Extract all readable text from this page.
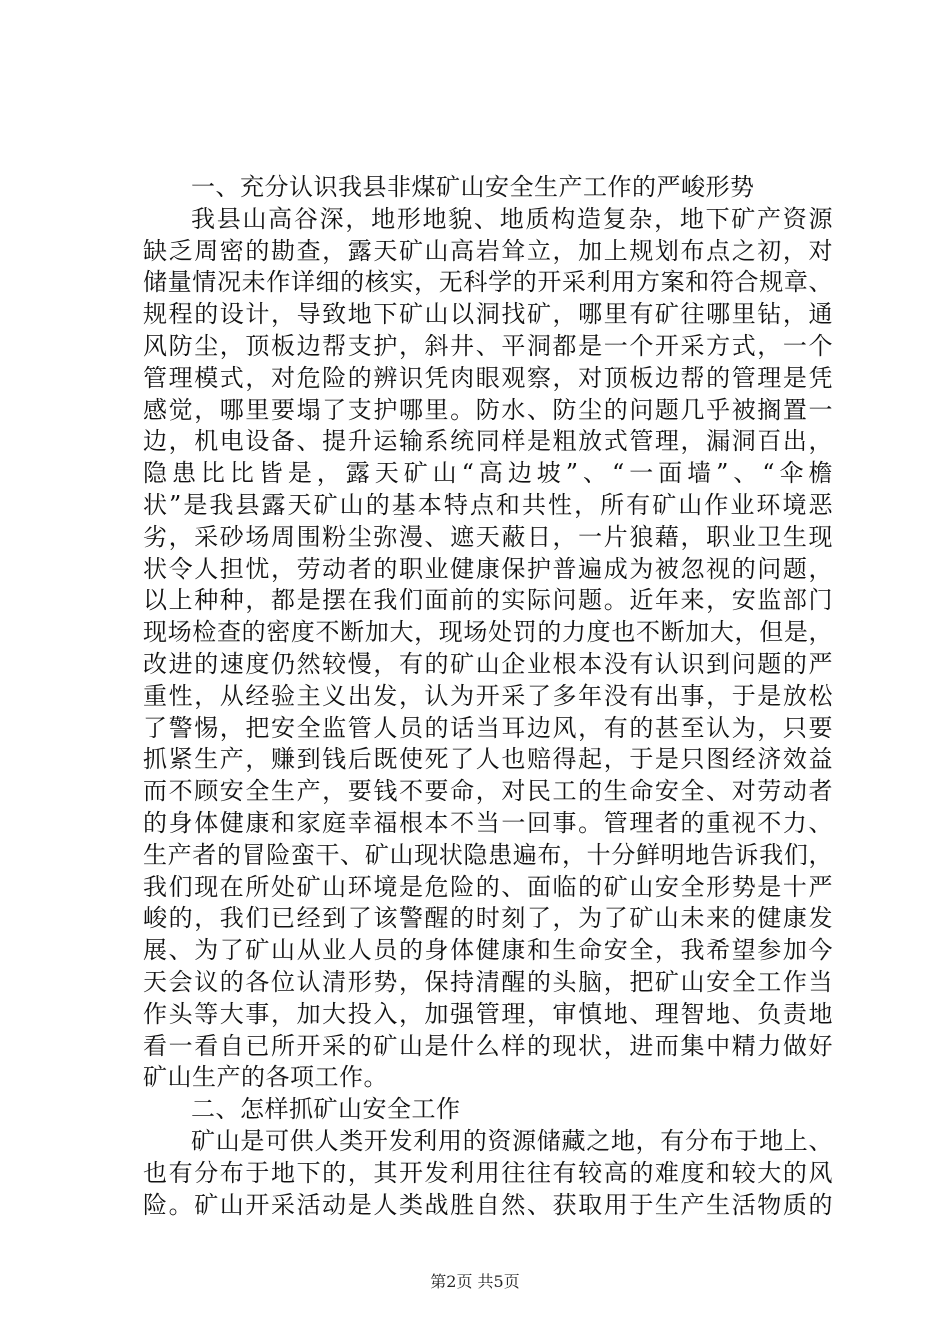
一、充分认识我县非煤矿山安全生产工作的严峻形势
我县山高谷深，地形地貌、地质构造复杂，地下矿产资源
缺乏周密的勘查，露天矿山高岩耸立，加上规划布点之初，对
储量情况未作详细的核实，无科学的开采利用方案和符合规章、
规程的设计，导致地下矿山以洞找矿，哪里有矿往哪里钻，通
风防尘，顶板边帮支护，斜井、平洞都是一个开采方式，一个
管理模式，对危险的辨识凭肉眼观察，对顶板边帮的管理是凭
感觉，哪里要塌了支护哪里。防水、防尘的问题几乎被搁置一
边，机电设备、提升运输系统同样是粗放式管理，漏洞百出，
隐患比比皆是，露天矿山“高边坡”、“一面墙”、“伞檐
状”是我县露天矿山的基本特点和共性，所有矿山作业环境恶
劣，采砂场周围粉尘弥漫、遮天蔽日，一片狼藉，职业卫生现
状令人担忧，劳动者的职业健康保护普遍成为被忽视的问题，
以上种种，都是摆在我们面前的实际问题。近年来，安监部门
现场检查的密度不断加大，现场处罚的力度也不断加大，但是，
改进的速度仍然较慢，有的矿山企业根本没有认识到问题的严
重性，从经验主义出发，认为开采了多年没有出事，于是放松
了警惕，把安全监管人员的话当耳边风，有的甚至认为，只要
抓紧生产，赚到钱后既使死了人也赔得起，于是只图经济效益
而不顾安全生产，要钱不要命，对民工的生命安全、对劳动者
的身体健康和家庭幸福根本不当一回事。管理者的重视不力、
生产者的冒险蛮干、矿山现状隐患遍布，十分鲜明地告诉我们，
我们现在所处矿山环境是危险的、面临的矿山安全形势是十严
峻的，我们已经到了该警醒的时刻了，为了矿山未来的健康发
展、为了矿山从业人员的身体健康和生命安全，我希望参加今
天会议的各位认清形势，保持清醒的头脑，把矿山安全工作当
作头等大事，加大投入，加强管理，审慎地、理智地、负责地
看一看自已所开采的矿山是什么样的现状，进而集中精力做好
矿山生产的各项工作。
二、怎样抓矿山安全工作
矿山是可供人类开发利用的资源储藏之地，有分布于地上、
也有分布于地下的，其开发利用往往有较高的难度和较大的风
险。矿山开采活动是人类战胜自然、获取用于生产生活物质的
第2页 共5页
